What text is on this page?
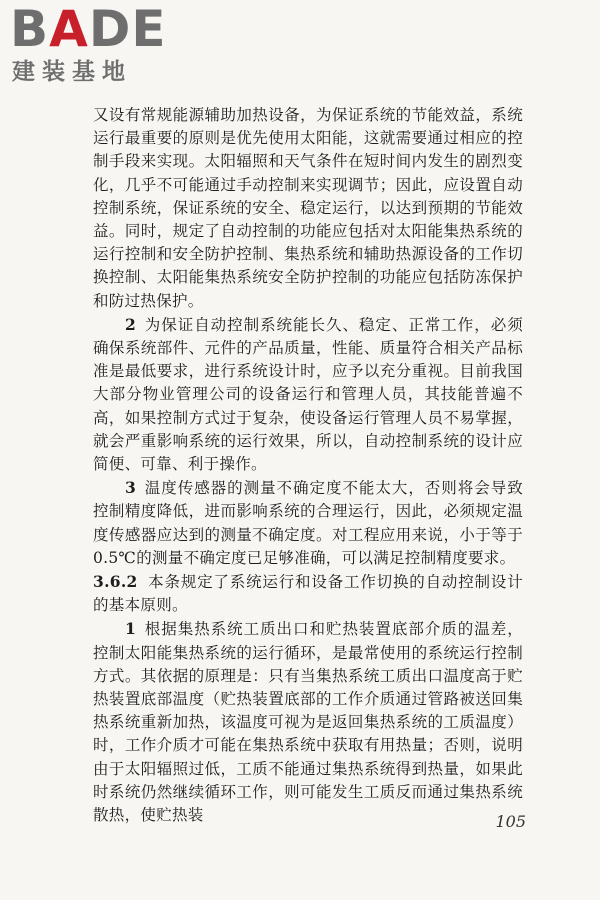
BADE
建装基地

又设有常规能源辅助加热设备，为保证系统的节能效益，系统运行最重要的原则是优先使用太阳能，这就需要通过相应的控制手段来实现。太阳辐照和天气条件在短时间内发生的剧烈变化，几乎不可能通过手动控制来实现调节；因此，应设置自动控制系统，保证系统的安全、稳定运行，以达到预期的节能效益。同时，规定了自动控制的功能应包括对太阳能集热系统的运行控制和安全防护控制、集热系统和辅助热源设备的工作切换控制、太阳能集热系统安全防护控制的功能应包括防冻保护和防过热保护。

2 为保证自动控制系统能长久、稳定、正常工作，必须确保系统部件、元件的产品质量，性能、质量符合相关产品标准是最低要求，进行系统设计时，应予以充分重视。目前我国大部分物业管理公司的设备运行和管理人员，其技能普遍不高，如果控制方式过于复杂，使设备运行管理人员不易掌握，就会严重影响系统的运行效果，所以，自动控制系统的设计应简便、可靠、利于操作。

3 温度传感器的测量不确定度不能太大，否则将会导致控制精度降低，进而影响系统的合理运行，因此，必须规定温度传感器应达到的测量不确定度。对工程应用来说，小于等于0.5℃的测量不确定度已足够准确，可以满足控制精度要求。

3.6.2 本条规定了系统运行和设备工作切换的自动控制设计的基本原则。

1 根据集热系统工质出口和贮热装置底部介质的温差，控制太阳能集热系统的运行循环，是最常使用的系统运行控制方式。其依据的原理是：只有当集热系统工质出口温度高于贮热装置底部温度（贮热装置底部的工作介质通过管路被送回集热系统重新加热，该温度可视为是返回集热系统的工质温度）时，工作介质才可能在集热系统中获取有用热量；否则，说明由于太阳辐照过低，工质不能通过集热系统得到热量，如果此时系统仍然继续循环工作，则可能发生工质反而通过集热系统散热，使贮热装	105
